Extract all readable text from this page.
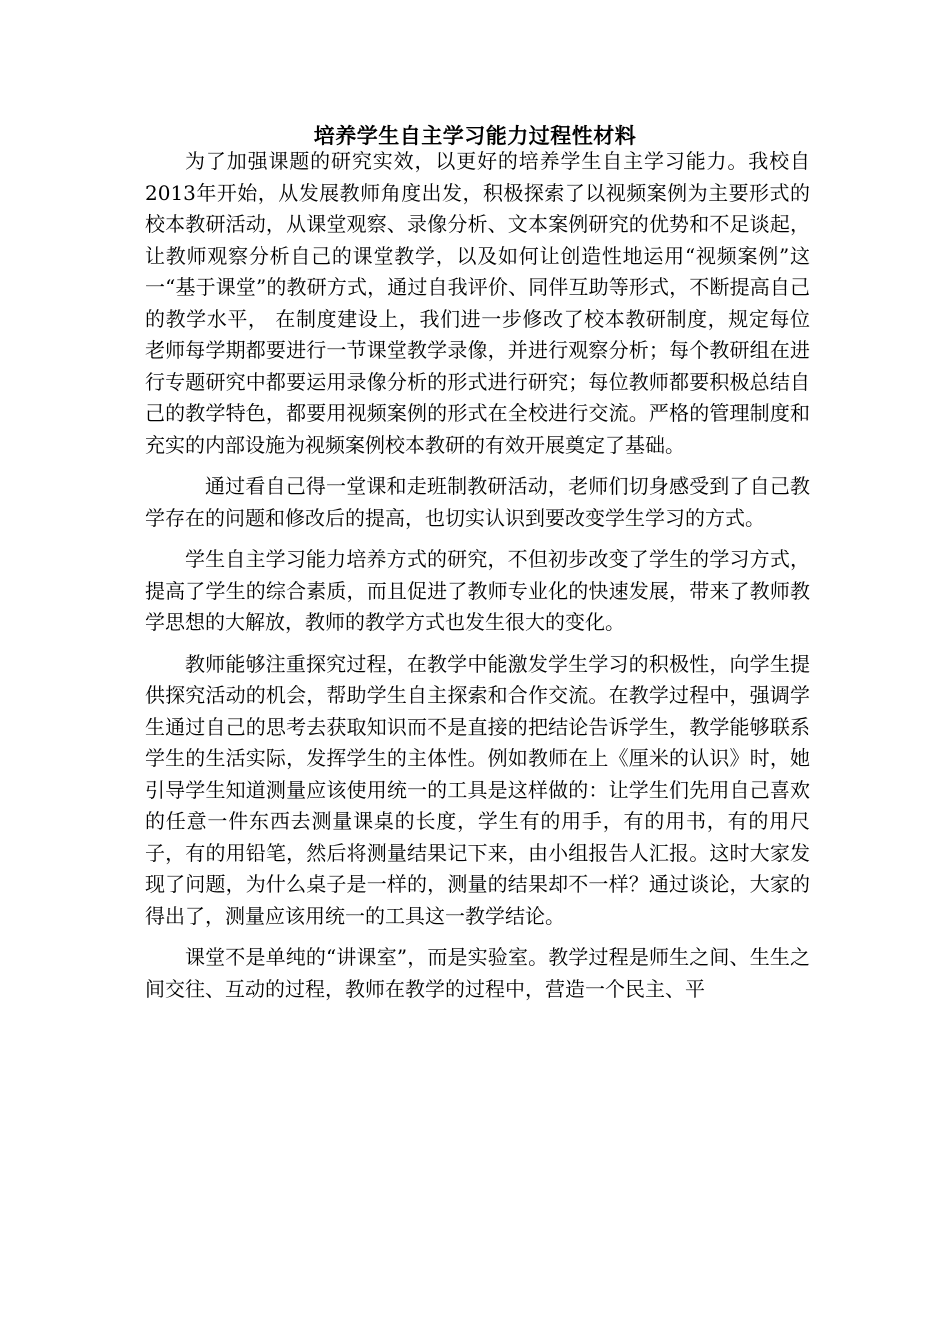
培养学生自主学习能力过程性材料

为了加强课题的研究实效，以更好的培养学生自主学习能力。我校自2013年开始，从发展教师角度出发，积极探索了以视频案例为主要形式的校本教研活动，从课堂观察、录像分析、文本案例研究的优势和不足谈起，让教师观察分析自己的课堂教学，以及如何让创造性地运用“视频案例”这一“基于课堂”的教研方式，通过自我评价、同伴互助等形式，不断提高自己的教学水平， 在制度建设上，我们进一步修改了校本教研制度，规定每位老师每学期都要进行一节课堂教学录像，并进行观察分析；每个教研组在进行专题研究中都要运用录像分析的形式进行研究；每位教师都要积极总结自己的教学特色，都要用视频案例的形式在全校进行交流。严格的管理制度和充实的内部设施为视频案例校本教研的有效开展奠定了基础。

通过看自己得一堂课和走班制教研活动，老师们切身感受到了自己教学存在的问题和修改后的提高，也切实认识到要改变学生学习的方式。

学生自主学习能力培养方式的研究，不但初步改变了学生的学习方式，提高了学生的综合素质，而且促进了教师专业化的快速发展，带来了教师教学思想的大解放，教师的教学方式也发生很大的变化。

教师能够注重探究过程，在教学中能激发学生学习的积极性，向学生提供探究活动的机会，帮助学生自主探索和合作交流。在教学过程中，强调学生通过自己的思考去获取知识而不是直接的把结论告诉学生，教学能够联系学生的生活实际，发挥学生的主体性。例如教师在上《厘米的认识》时，她引导学生知道测量应该使用统一的工具是这样做的：让学生们先用自己喜欢的任意一件东西去测量课桌的长度，学生有的用手，有的用书，有的用尺子，有的用铅笔，然后将测量结果记下来，由小组报告人汇报。这时大家发现了问题，为什么桌子是一样的，测量的结果却不一样？通过谈论，大家的得出了，测量应该用统一的工具这一教学结论。

课堂不是单纯的“讲课室”，而是实验室。教学过程是师生之间、生生之间交往、互动的过程，教师在教学的过程中，营造一个民主、平
